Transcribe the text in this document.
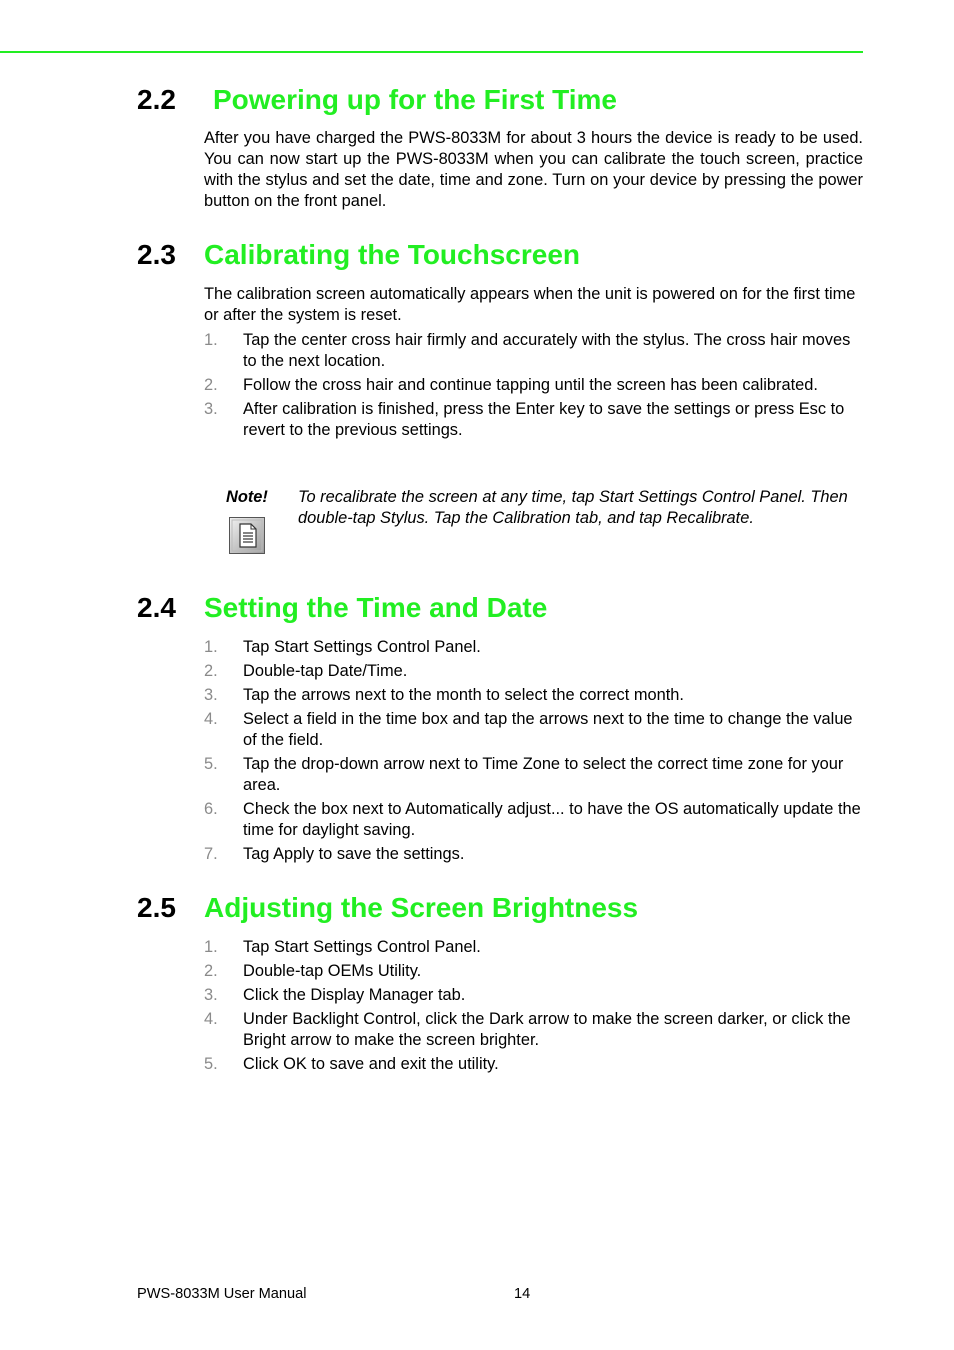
2.2 Powering up for the First Time
After you have charged the PWS-8033M for about 3 hours the device is ready to be used. You can now start up the PWS-8033M when you can calibrate the touch screen, practice with the stylus and set the date, time and zone. Turn on your device by pressing the power button on the front panel.
2.3 Calibrating the Touchscreen
The calibration screen automatically appears when the unit is powered on for the first time or after the system is reset.
1. Tap the center cross hair firmly and accurately with the stylus. The cross hair moves to the next location.
2. Follow the cross hair and continue tapping until the screen has been calibrated.
3. After calibration is finished, press the Enter key to save the settings or press Esc to revert to the previous settings.
Note! To recalibrate the screen at any time, tap Start Settings Control Panel. Then double-tap Stylus. Tap the Calibration tab, and tap Recalibrate.
2.4 Setting the Time and Date
1. Tap Start Settings Control Panel.
2. Double-tap Date/Time.
3. Tap the arrows next to the month to select the correct month.
4. Select a field in the time box and tap the arrows next to the time to change the value of the field.
5. Tap the drop-down arrow next to Time Zone to select the correct time zone for your area.
6. Check the box next to Automatically adjust... to have the OS automatically update the time for daylight saving.
7. Tag Apply to save the settings.
2.5 Adjusting the Screen Brightness
1. Tap Start Settings Control Panel.
2. Double-tap OEMs Utility.
3. Click the Display Manager tab.
4. Under Backlight Control, click the Dark arrow to make the screen darker, or click the Bright arrow to make the screen brighter.
5. Click OK to save and exit the utility.
PWS-8033M User Manual	14
